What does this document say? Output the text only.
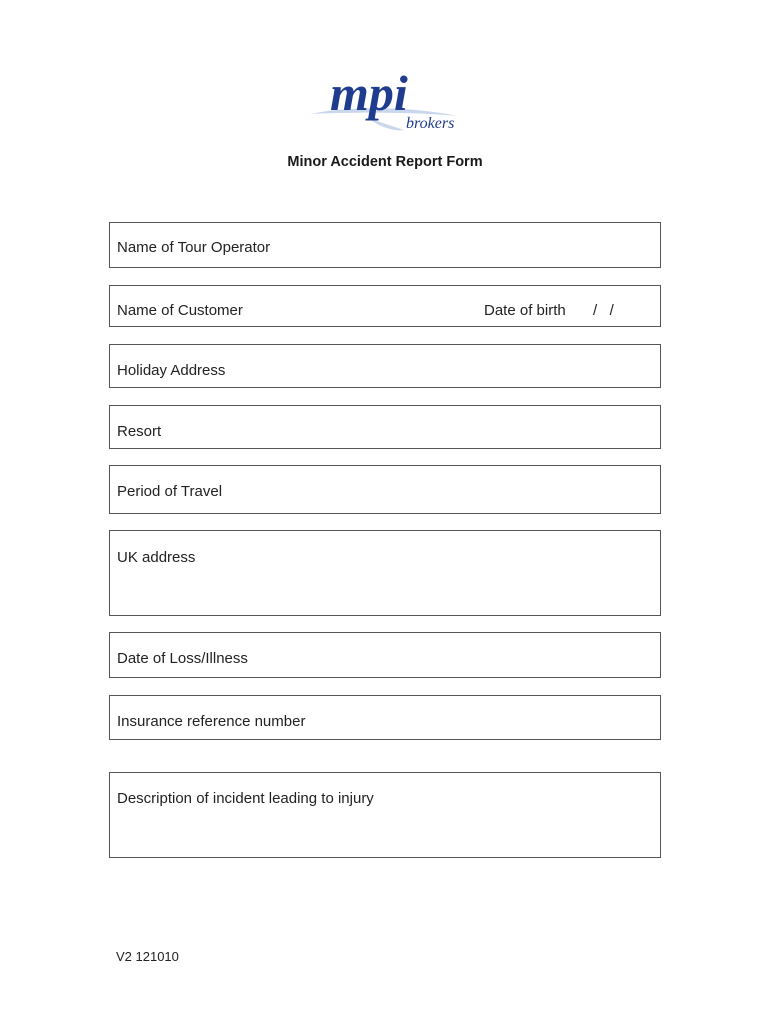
mpi
brokers
Minor Accident Report Form
Name of Tour Operator
Name of Customer	Date of birth /   /
Holiday Address
Resort
Period of Travel
UK address
Date of Loss/Illness
Insurance reference number
Description of incident leading to injury
V2 121010
